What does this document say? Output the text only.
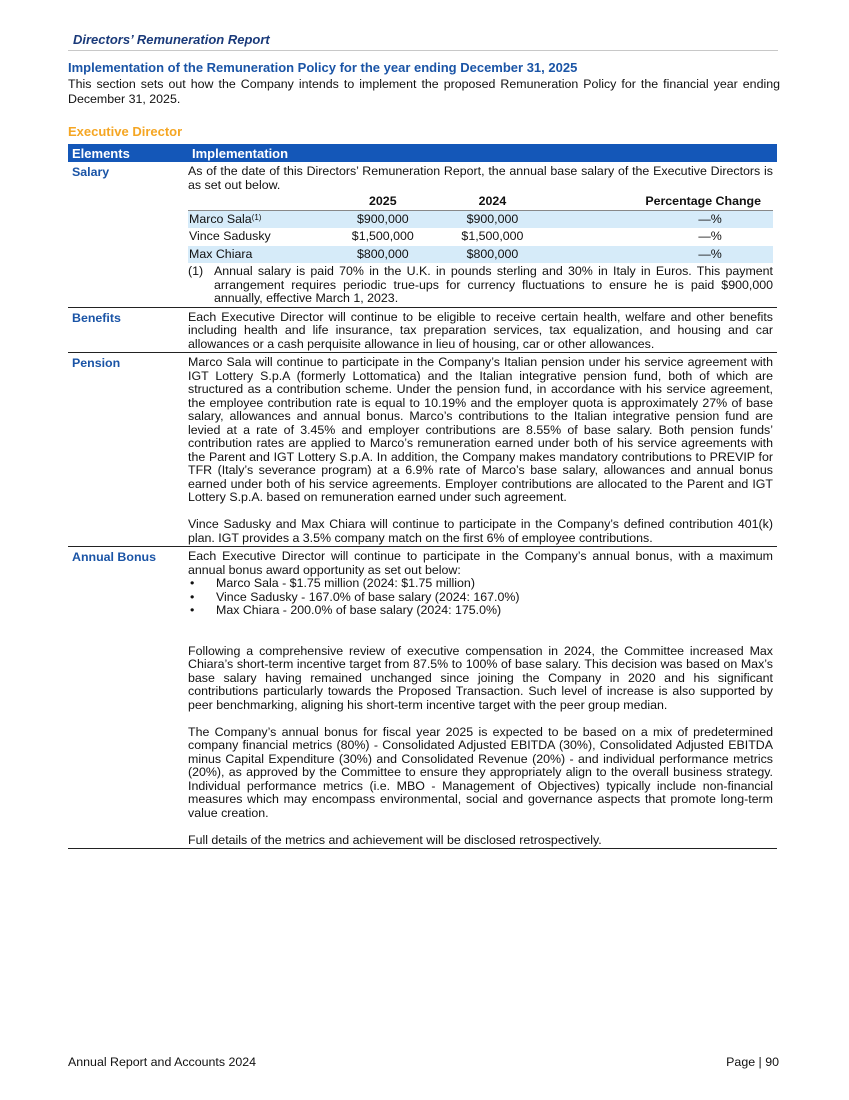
Directors’ Remuneration Report
Implementation of the Remuneration Policy for the year ending December 31, 2025
This section sets out how the Company intends to implement the proposed Remuneration Policy for the financial year ending December 31, 2025.
Executive Director
Elements	Implementation
Salary	As of the date of this Directors’ Remuneration Report, the annual base salary of the Executive Directors is as set out below.

	2025	2024	Percentage Change
Marco Sala$^{(1)}$	$900,000	$900,000	—%
Vince Sadusky	$1,500,000	$1,500,000	—%
Max Chiara	$800,000	$800,000	—%
(1) Annual salary is paid 70% in the U.K. in pounds sterling and 30% in Italy in Euros. This payment arrangement requires periodic true-ups for currency fluctuations to ensure he is paid $900,000 annually, effective March 1, 2023.
Benefits	Each Executive Director will continue to be eligible to receive certain health, welfare and other benefits including health and life insurance, tax preparation services, tax equalization, and housing and car allowances or a cash perquisite allowance in lieu of housing, car or other allowances.

Pension	Marco Sala will continue to participate in the Company’s Italian pension under his service agreement with IGT Lottery S.p.A (formerly Lottomatica) and the Italian integrative pension fund, both of which are structured as a contribution scheme. Under the pension fund, in accordance with his service agreement, the employee contribution rate is equal to 10.19% and the employer quota is approximately 27% of base salary, allowances and annual bonus. Marco’s contributions to the Italian integrative pension fund are levied at a rate of 3.45% and employer contributions are 8.55% of base salary. Both pension funds’ contribution rates are applied to Marco’s remuneration earned under both of his service agreements with the Parent and IGT Lottery S.p.A. In addition, the Company makes mandatory contributions to PREVIP for TFR (Italy’s severance program) at a 6.9% rate of Marco’s base salary, allowances and annual bonus earned under both of his service agreements. Employer contributions are allocated to the Parent and IGT Lottery S.p.A. based on remuneration earned under such agreement.

Vince Sadusky and Max Chiara will continue to participate in the Company’s defined contribution 401(k) plan. IGT provides a 3.5% company match on the first 6% of employee contributions.

Annual Bonus	Each Executive Director will continue to participate in the Company’s annual bonus, with a maximum annual bonus award opportunity as set out below:
•	Marco Sala - $1.75 million (2024: $1.75 million)
•	Vince Sadusky - 167.0% of base salary (2024: 167.0%)
•	Max Chiara - 200.0% of base salary (2024: 175.0%)

Following a comprehensive review of executive compensation in 2024, the Committee increased Max Chiara’s short-term incentive target from 87.5% to 100% of base salary. This decision was based on Max’s base salary having remained unchanged since joining the Company in 2020 and his significant contributions particularly towards the Proposed Transaction. Such level of increase is also supported by peer benchmarking, aligning his short-term incentive target with the peer group median.

The Company’s annual bonus for fiscal year 2025 is expected to be based on a mix of predetermined company financial metrics (80%) - Consolidated Adjusted EBITDA (30%), Consolidated Adjusted EBITDA minus Capital Expenditure (30%) and Consolidated Revenue (20%) - and individual performance metrics (20%), as approved by the Committee to ensure they appropriately align to the overall business strategy. Individual performance metrics (i.e. MBO - Management of Objectives) typically include non-financial measures which may encompass environmental, social and governance aspects that promote long-term value creation.

Full details of the metrics and achievement will be disclosed retrospectively.

Annual Report and Accounts 2024	Page | 90
